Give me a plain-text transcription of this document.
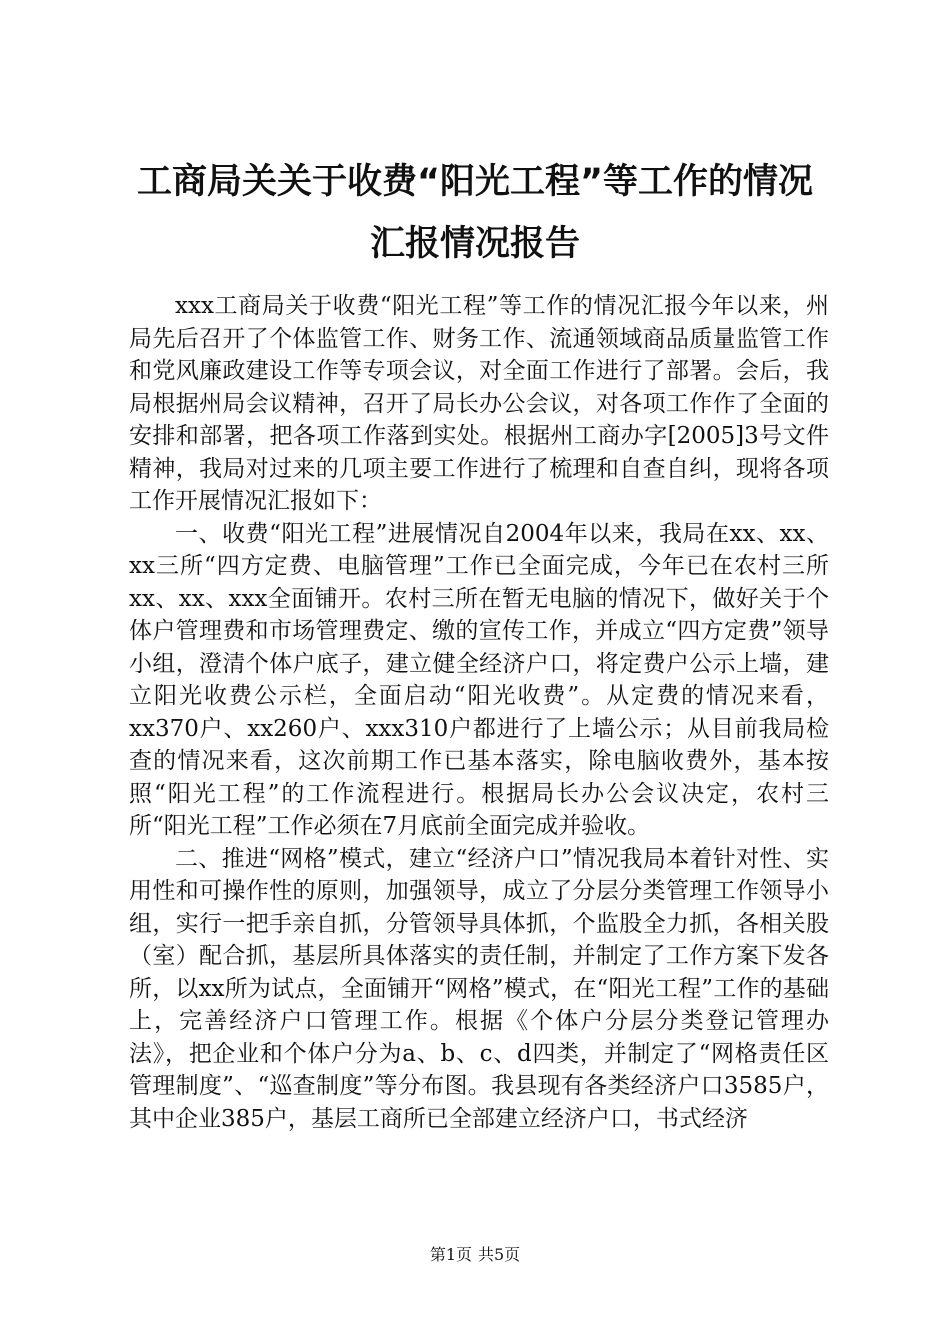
工商局关关于收费“阳光工程”等工作的情况
汇报情况报告

xxx工商局关于收费“阳光工程”等工作的情况汇报今年以来，州局先后召开了个体监管工作、财务工作、流通领域商品质量监管工作和党风廉政建设工作等专项会议，对全面工作进行了部署。会后，我局根据州局会议精神，召开了局长办公会议，对各项工作作了全面的安排和部署，把各项工作落到实处。根据州工商办字[2005]3号文件精神，我局对过来的几项主要工作进行了梳理和自查自纠，现将各项工作开展情况汇报如下：

一、收费“阳光工程”进展情况自2004年以来，我局在xx、xx、xx三所“四方定费、电脑管理”工作已全面完成，今年已在农村三所xx、xx、xxx全面铺开。农村三所在暂无电脑的情况下，做好关于个体户管理费和市场管理费定、缴的宣传工作，并成立“四方定费”领导小组，澄清个体户底子，建立健全经济户口，将定费户公示上墙，建立阳光收费公示栏，全面启动“阳光收费”。从定费的情况来看，xx370户、xx260户、xxx310户都进行了上墙公示；从目前我局检查的情况来看，这次前期工作已基本落实，除电脑收费外，基本按照“阳光工程”的工作流程进行。根据局长办公会议决定，农村三所“阳光工程”工作必须在7月底前全面完成并验收。

二、推进“网格”模式，建立“经济户口”情况我局本着针对性、实用性和可操作性的原则，加强领导，成立了分层分类管理工作领导小组，实行一把手亲自抓，分管领导具体抓，个监股全力抓，各相关股（室）配合抓，基层所具体落实的责任制，并制定了工作方案下发各所，以xx所为试点，全面铺开“网格”模式，在“阳光工程”工作的基础上，完善经济户口管理工作。根据《个体户分层分类登记管理办法》，把企业和个体户分为a、b、c、d四类，并制定了“网格责任区管理制度”、“巡查制度”等分布图。我县现有各类经济户口3585户，其中企业385户，基层工商所已全部建立经济户口，书式经济

第1页 共5页
